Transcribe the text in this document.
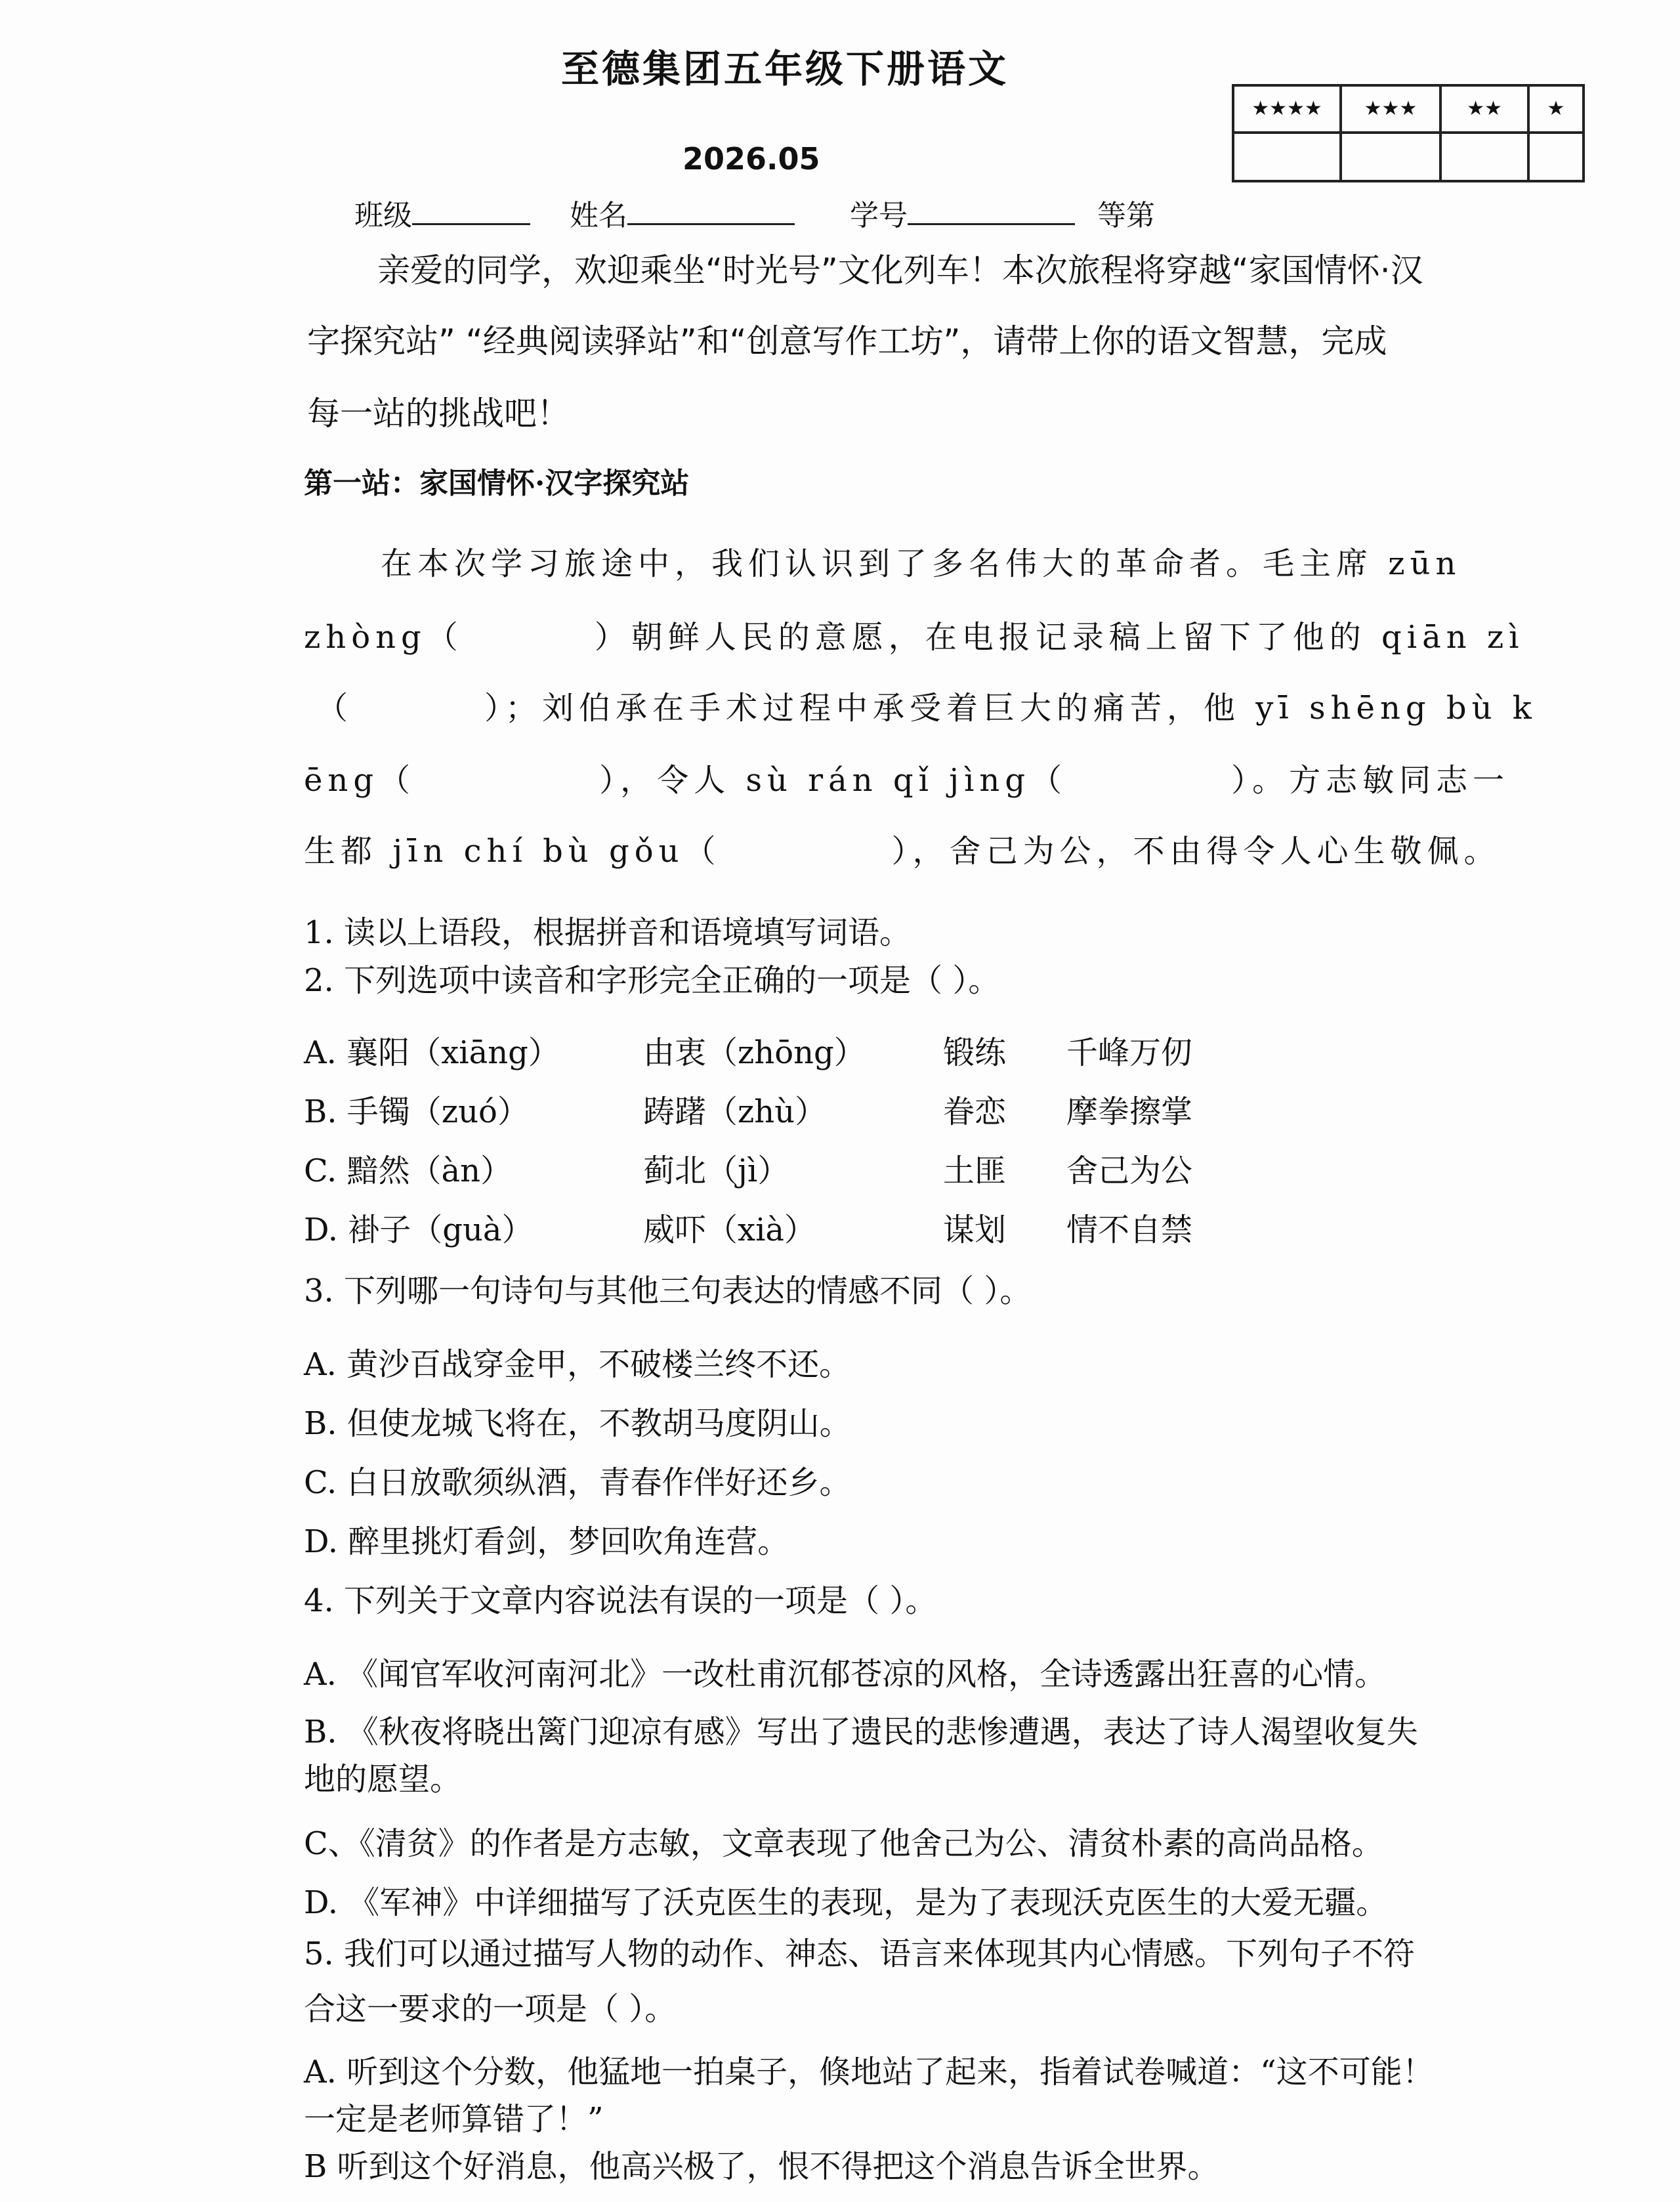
至德集团五年级下册语文
★★★★	★★★	★★	★

2026.05
班级	姓名	学号	等第
亲爱的同学，欢迎乘坐“时光号”文化列车！本次旅程将穿越“家国情怀·汉
字探究站” “经典阅读驿站”和“创意写作工坊”，请带上你的语文智慧，完成
每一站的挑战吧！
第一站：家国情怀·汉字探究站
在本次学习旅途中，我们认识到了多名伟大的革命者。毛主席 zūn
zhòng（	）朝鲜人民的意愿，在电报记录稿上留下了他的 qiān zì
（	）；刘伯承在手术过程中承受着巨大的痛苦，他 yī shēng bù k
ēng（	），令人 sù rán qǐ jìng（	）。方志敏同志一
生都 jīn chí bù gǒu（	），舍己为公，不由得令人心生敬佩。
1. 读以上语段，根据拼音和语境填写词语。
2. 下列选项中读音和字形完全正确的一项是（ ）。
A. 襄阳（xiāng）	由衷（zhōng） 锻练 千峰万仞
B. 手镯（zuó）	踌躇（zhù）	眷恋 摩拳擦掌
C. 黯然（àn）	蓟北（jì）	土匪 舍己为公
D. 褂子（guà）	威吓（xià）	谋划 情不自禁
3. 下列哪一句诗句与其他三句表达的情感不同（ ）。
A. 黄沙百战穿金甲，不破楼兰终不还。
B. 但使龙城飞将在，不教胡马度阴山。
C. 白日放歌须纵酒，青春作伴好还乡。
D. 醉里挑灯看剑，梦回吹角连营。
4. 下列关于文章内容说法有误的一项是（ ）。
A. 《闻官军收河南河北》一改杜甫沉郁苍凉的风格，全诗透露出狂喜的心情。
B. 《秋夜将晓出篱门迎凉有感》写出了遗民的悲惨遭遇，表达了诗人渴望收复失
地的愿望。
C、《清贫》的作者是方志敏，文章表现了他舍己为公、清贫朴素的高尚品格。
D. 《军神》中详细描写了沃克医生的表现，是为了表现沃克医生的大爱无疆。
5. 我们可以通过描写人物的动作、神态、语言来体现其内心情感。下列句子不符
合这一要求的一项是（ ）。
A. 听到这个分数，他猛地一拍桌子，倏地站了起来，指着试卷喊道：“这不可能！
一定是老师算错了！”
B 听到这个好消息，他高兴极了，恨不得把这个消息告诉全世界。
